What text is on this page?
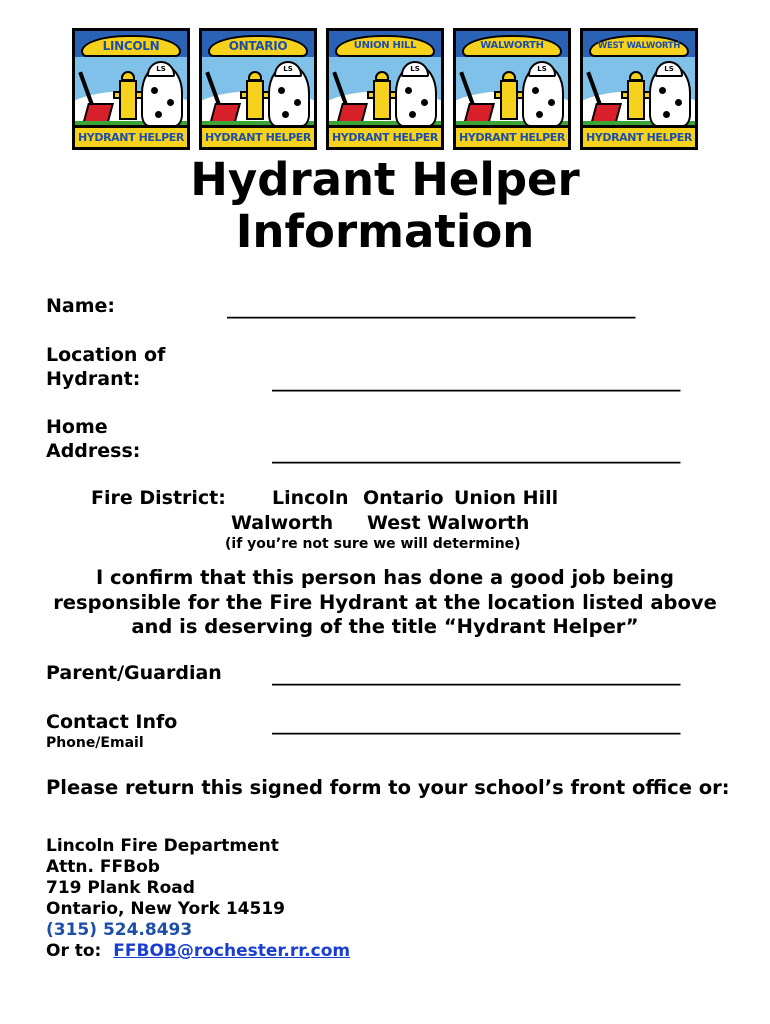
LINCOLN
LS
HYDRANT HELPER
ONTARIO
LS
HYDRANT HELPER
UNION HILL
LS
HYDRANT HELPER
WALWORTH
LS
HYDRANT HELPER
WEST WALWORTH
LS
HYDRANT HELPER
Hydrant Helper
Information
Name:	___________________________________________
Location of
Hydrant:	___________________________________________
Home
Address:	___________________________________________
Fire District: Lincoln Ontario Union Hill
Walworth West Walworth
(if you’re not sure we will determine)
I confirm that this person has done a good job being responsible for the Fire Hydrant at the location listed above and is deserving of the title “Hydrant Helper”
Parent/Guardian	___________________________________________
Contact Info	___________________________________________
Phone/Email
Please return this signed form to your school’s front office or:
Lincoln Fire Department
Attn. FFBob
719 Plank Road
Ontario, New York 14519
(315) 524.8493
Or to: FFBOB@rochester.rr.com
